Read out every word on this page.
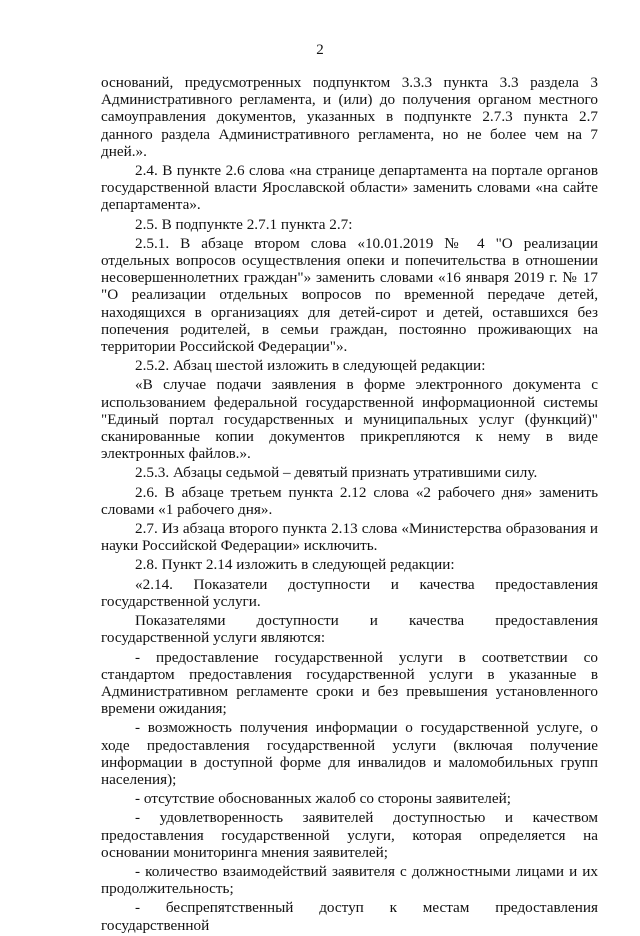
2

оснований, предусмотренных подпунктом 3.3.3 пункта 3.3 раздела 3 Административного регламента, и (или) до получения органом местного самоуправления документов, указанных в подпункте 2.7.3 пункта 2.7 данного раздела Административного регламента, но не более чем на 7 дней.».

2.4. В пункте 2.6 слова «на странице департамента на портале органов государственной власти Ярославской области» заменить словами «на сайте департамента».

2.5. В подпункте 2.7.1 пункта 2.7:

2.5.1. В абзаце втором слова «10.01.2019 № 4 "О реализации отдельных вопросов осуществления опеки и попечительства в отношении несовершеннолетних граждан"» заменить словами «16 января 2019 г. № 17 "О реализации отдельных вопросов по временной передаче детей, находящихся в организациях для детей-сирот и детей, оставшихся без попечения родителей, в семьи граждан, постоянно проживающих на территории Российской Федерации"».

2.5.2. Абзац шестой изложить в следующей редакции:

«В случае подачи заявления в форме электронного документа с использованием федеральной государственной информационной системы "Единый портал государственных и муниципальных услуг (функций)" сканированные копии документов прикрепляются к нему в виде электронных файлов.».

2.5.3. Абзацы седьмой – девятый признать утратившими силу.

2.6. В абзаце третьем пункта 2.12 слова «2 рабочего дня» заменить словами «1 рабочего дня».

2.7. Из абзаца второго пункта 2.13 слова «Министерства образования и науки Российской Федерации» исключить.

2.8. Пункт 2.14 изложить в следующей редакции:

«2.14. Показатели доступности и качества предоставления государственной услуги.

Показателями доступности и качества предоставления государственной услуги являются:

- предоставление государственной услуги в соответствии со стандартом предоставления государственной услуги в указанные в Административном регламенте сроки и без превышения установленного времени ожидания;

- возможность получения информации о государственной услуге, о ходе предоставления государственной услуги (включая получение информации в доступной форме для инвалидов и маломобильных групп населения);

- отсутствие обоснованных жалоб со стороны заявителей;

- удовлетворенность заявителей доступностью и качеством предоставления государственной услуги, которая определяется на основании мониторинга мнения заявителей;

- количество взаимодействий заявителя с должностными лицами и их продолжительность;

- беспрепятственный доступ к местам предоставления государственной
